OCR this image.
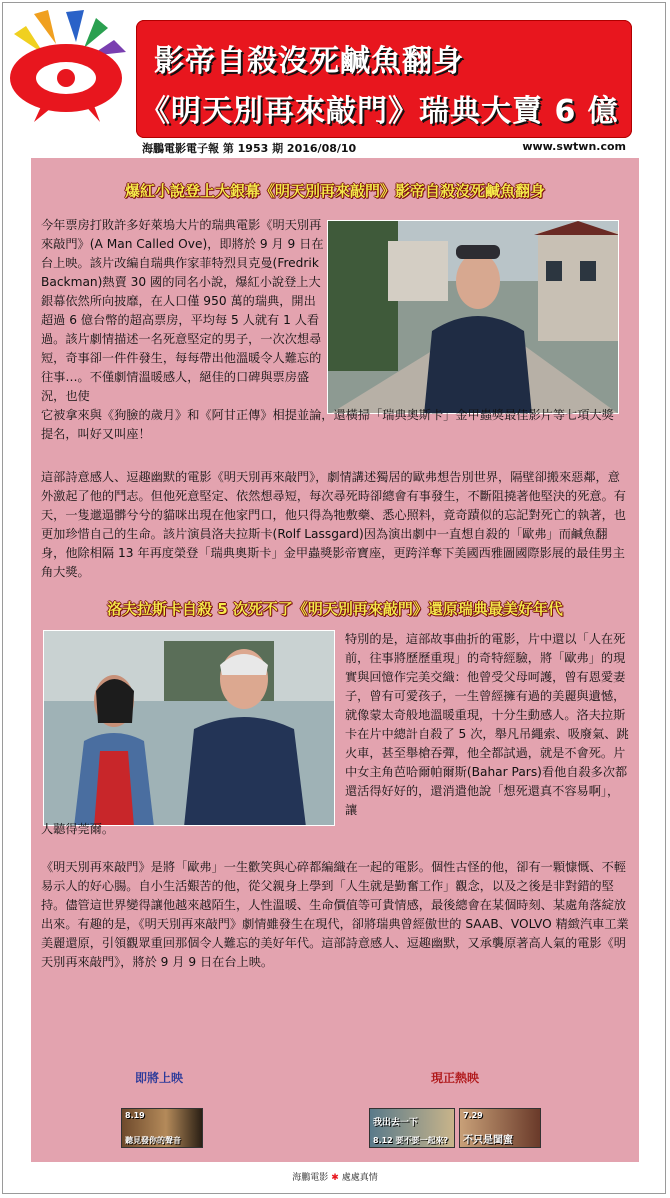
影帝自殺沒死鹹魚翻身
《明天別再來敲門》瑞典大賣 6 億
海鵬電影電子報 第 1953 期 2016/08/10	www.swtwn.com
爆紅小說登上大銀幕《明天別再來敲門》影帝自殺沒死鹹魚翻身
今年票房打敗許多好萊塢大片的瑞典電影《明天別再來敲門》(A Man Called Ove)，即將於 9 月 9 日在台上映。該片改編自瑞典作家菲特烈貝克曼(Fredrik Backman)熱賣 30 國的同名小說，爆紅小說登上大銀幕依然所向披靡，在人口僅 950 萬的瑞典，開出超過 6 億台幣的超高票房，平均每 5 人就有 1 人看過。該片劇情描述一名死意堅定的男子，一次次想尋短，奇事卻一件件發生，每每帶出他溫暖令人難忘的往事…。不僅劇情溫暖感人，絕佳的口碑與票房盛況，也使
它被拿來與《狗臉的歲月》和《阿甘正傳》相提並論，還橫掃「瑞典奧斯卡」金甲蟲獎最佳影片等七項大獎提名，叫好又叫座！
這部詩意感人、逗趣幽默的電影《明天別再來敲門》，劇情講述獨居的歐弗想告別世界，隔壁卻搬來惡鄰，意外激起了他的鬥志。但他死意堅定、依然想尋短，每次尋死時卻總會有事發生，不斷阻撓著他堅決的死意。有天，一隻邋遢髒兮兮的貓咪出現在他家門口，他只得為牠敷藥、悉心照料，竟奇蹟似的忘記對死亡的執著，也更加珍惜自己的生命。該片演員洛夫拉斯卡(Rolf Lassgard)因為演出劇中一直想自殺的「歐弗」而鹹魚翻身，他除相隔 13 年再度榮登「瑞典奧斯卡」金甲蟲獎影帝寶座，更跨洋奪下美國西雅圖國際影展的最佳男主角大獎。
洛夫拉斯卡自殺 5 次死不了《明天別再來敲門》還原瑞典最美好年代
特別的是，這部故事曲折的電影，片中還以「人在死前，往事將歷歷重現」的奇特經驗，將「歐弗」的現實與回憶作完美交織：他曾受父母呵護，曾有恩愛妻子，曾有可愛孩子，一生曾經擁有過的美麗與遺憾，就像蒙太奇般地溫暖重現，十分生動感人。洛夫拉斯卡在片中總計自殺了 5 次，舉凡吊繩索、吸廢氣、跳火車，甚至舉槍吞彈，他全都試過，就是不會死。片中女主角芭哈爾帕爾斯(Bahar Pars)看他自殺多次都還活得好好的，還消遣他說「想死還真不容易啊」，讓
人聽得莞爾。
《明天別再來敲門》是將「歐弗」一生歡笑與心碎都編織在一起的電影。個性古怪的他，卻有一顆慷慨、不輕易示人的好心腸。自小生活艱苦的他，從父親身上學到「人生就是勤奮工作」觀念，以及之後是非對錯的堅持。儘管這世界變得讓他越來越陌生，人性溫暖、生命價值等可貴情感，最後總會在某個時刻、某處角落綻放出來。有趣的是，《明天別再來敲門》劇情雖發生在現代，卻將瑞典曾經傲世的 SAAB、VOLVO 精緻汽車工業美麗還原，引領觀眾重回那個令人難忘的美好年代。這部詩意感人、逗趣幽默，又承襲原著高人氣的電影《明天別再來敲門》，將於 9 月 9 日在台上映。
即將上映	現正熱映
8.19
聽見發你的聲音
我出去一下
8.12 要不要一起來?
7.29
不只是閨蜜
海鵬電影 ✱ 處處真情
